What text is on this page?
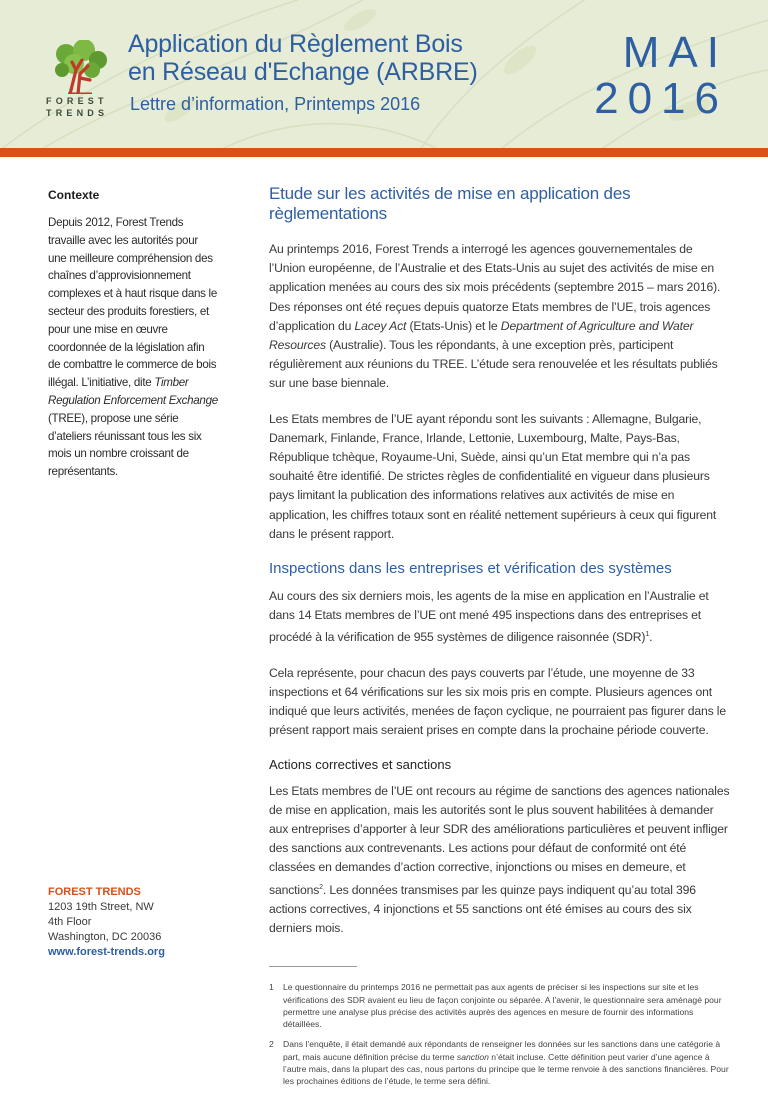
FOREST
TRENDS
Application du Règlement Bois
en Réseau d'Echange (ARBRE)
Lettre d’information, Printemps 2016
MAI
2016
Contexte

Depuis 2012, Forest Trends travaille avec les autorités pour une meilleure compréhension des chaînes d’approvisionnement complexes et à haut risque dans le secteur des produits forestiers, et pour une mise en œuvre coordonnée de la législation afin de combattre le commerce de bois illégal. L’initiative, dite Timber Regulation Enforcement Exchange (TREE), propose une série d’ateliers réunissant tous les six mois un nombre croissant de représentants.

Etude sur les activités de mise en application des règlementations

Au printemps 2016, Forest Trends a interrogé les agences gouvernementales de l’Union européenne, de l’Australie et des Etats-Unis au sujet des activités de mise en application menées au cours des six mois précédents (septembre 2015 – mars 2016). Des réponses ont été reçues depuis quatorze Etats membres de l’UE, trois agences d’application du Lacey Act (Etats-Unis) et le Department of Agriculture and Water Resources (Australie). Tous les répondants, à une exception près, participent régulièrement aux réunions du TREE. L’étude sera renouvelée et les résultats publiés sur une base biennale.

Les Etats membres de l’UE ayant répondu sont les suivants : Allemagne, Bulgarie, Danemark, Finlande, France, Irlande, Lettonie, Luxembourg, Malte, Pays-Bas, République tchèque, Royaume-Uni, Suède, ainsi qu’un Etat membre qui n’a pas souhaité être identifié. De strictes règles de confidentialité en vigueur dans plusieurs pays limitant la publication des informations relatives aux activités de mise en application, les chiffres totaux sont en réalité nettement supérieurs à ceux qui figurent dans le présent rapport.

Inspections dans les entreprises et vérification des systèmes

Au cours des six derniers mois, les agents de la mise en application en l’Australie et dans 14 Etats membres de l’UE ont mené 495 inspections dans des entreprises et procédé à la vérification de 955 systèmes de diligence raisonnée (SDR)$^1$.

Cela représente, pour chacun des pays couverts par l’étude, une moyenne de 33 inspections et 64 vérifications sur les six mois pris en compte. Plusieurs agences ont indiqué que leurs activités, menées de façon cyclique, ne pourraient pas figurer dans le présent rapport mais seraient prises en compte dans la prochaine période couverte.

Actions correctives et sanctions

Les Etats membres de l’UE ont recours au régime de sanctions des agences nationales de mise en application, mais les autorités sont le plus souvent habilitées à demander aux entreprises d’apporter à leur SDR des améliorations particulières et peuvent infliger des sanctions aux contrevenants. Les actions pour défaut de conformité ont été classées en demandes d’action corrective, injonctions ou mises en demeure, et sanctions$^2$. Les données transmises par les quinze pays indiquent qu’au total 396 actions correctives, 4 injonctions et 55 sanctions ont été émises au cours des six derniers mois.

1	Le questionnaire du printemps 2016 ne permettait pas aux agents de préciser si les inspections sur site et les vérifications des SDR avaient eu lieu de façon conjointe ou séparée. A l’avenir, le questionnaire sera aménagé pour permettre une analyse plus précise des activités auprès des agences en mesure de fournir des informations détaillées.
2	Dans l’enquête, il était demandé aux répondants de renseigner les données sur les sanctions dans une catégorie à part, mais aucune définition précise du terme sanction n’était incluse. Cette définition peut varier d’une agence à l’autre mais, dans la plupart des cas, nous partons du principe que le terme renvoie à des sanctions financières. Pour les prochaines éditions de l’étude, le terme sera défini.
FOREST TRENDS
1203 19th Street, NW
4th Floor
Washington, DC 20036
www.forest-trends.org
